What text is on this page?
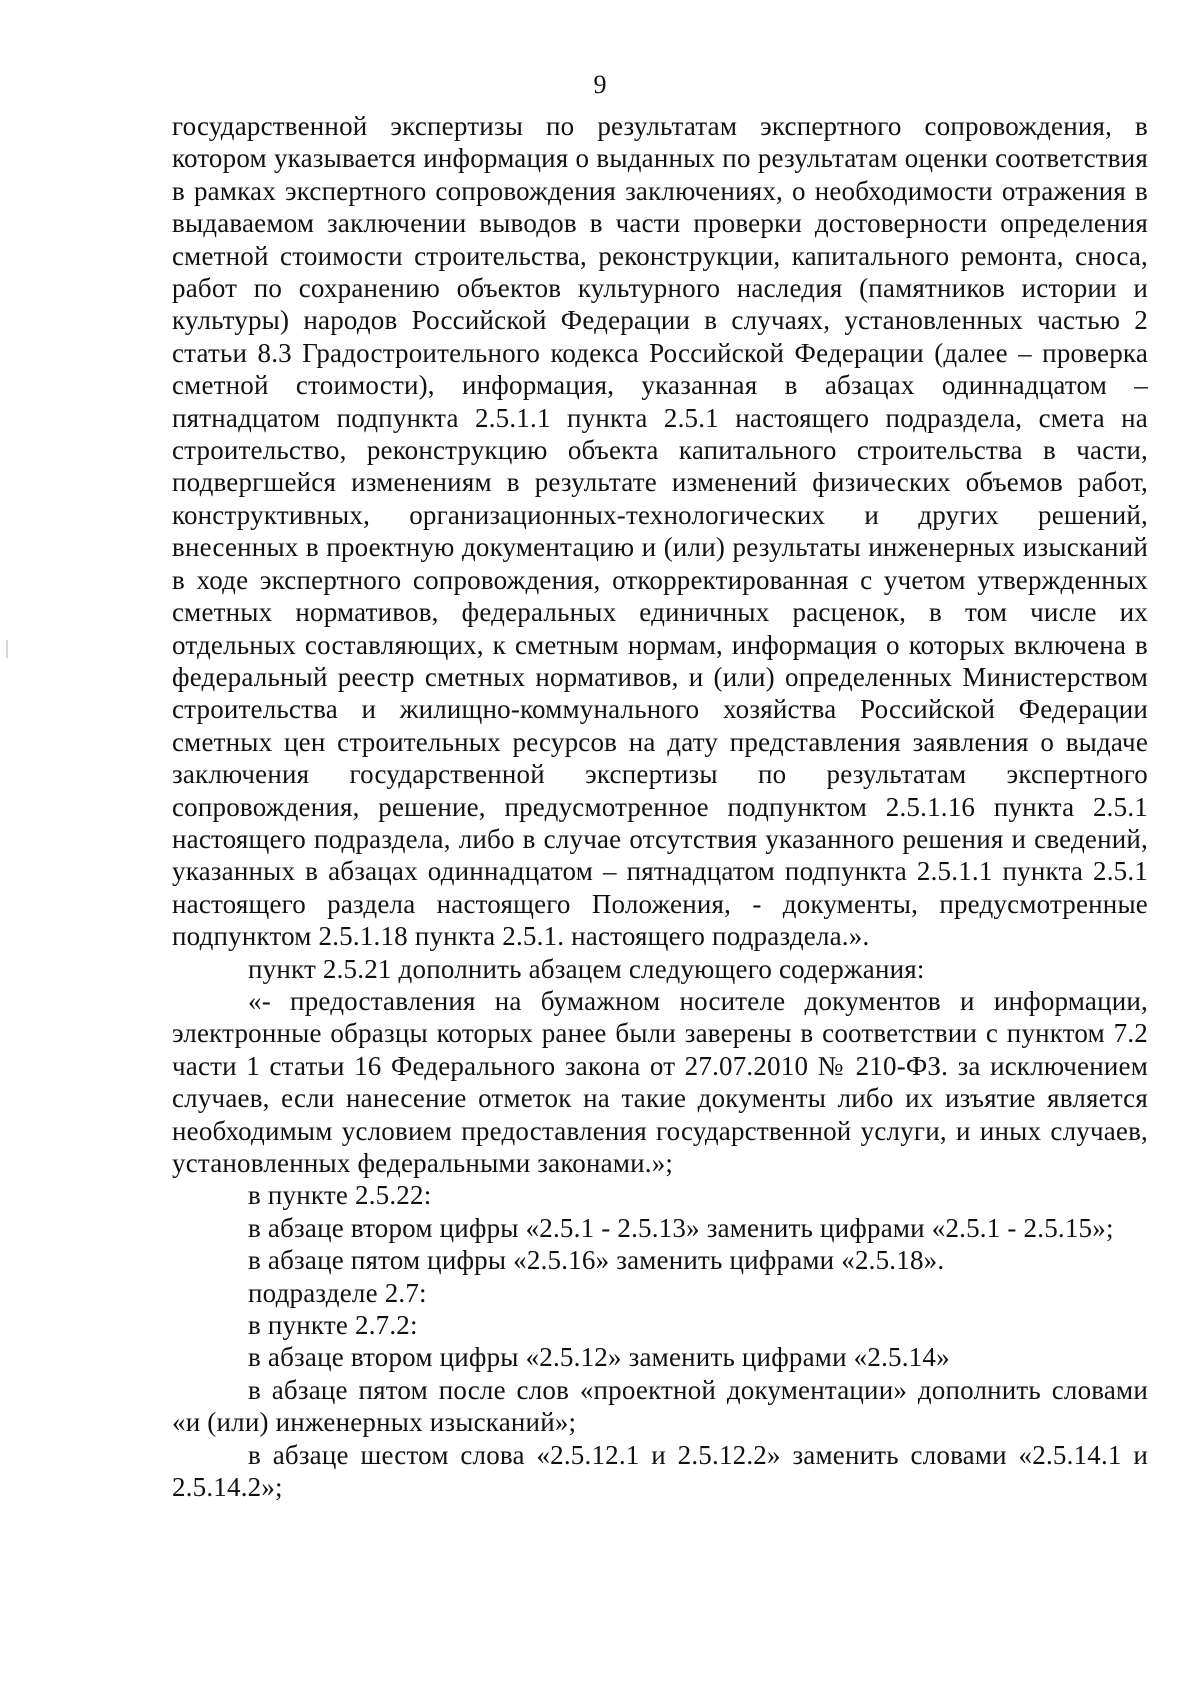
9

государственной экспертизы по результатам экспертного сопровождения, в котором указывается информация о выданных по результатам оценки соответствия в рамках экспертного сопровождения заключениях, о необходимости отражения в выдаваемом заключении выводов в части проверки достоверности определения сметной стоимости строительства, реконструкции, капитального ремонта, сноса, работ по сохранению объектов культурного наследия (памятников истории и культуры) народов Российской Федерации в случаях, установленных частью 2 статьи 8.3 Градостроительного кодекса Российской Федерации (далее – проверка сметной стоимости), информация, указанная в абзацах одиннадцатом – пятнадцатом подпункта 2.5.1.1 пункта 2.5.1 настоящего подраздела, смета на строительство, реконструкцию объекта капитального строительства в части, подвергшейся изменениям в результате изменений физических объемов работ, конструктивных, организационных-технологических и других решений, внесенных в проектную документацию и (или) результаты инженерных изысканий в ходе экспертного сопровождения, откорректированная с учетом утвержденных сметных нормативов, федеральных единичных расценок, в том числе их отдельных составляющих, к сметным нормам, информация о которых включена в федеральный реестр сметных нормативов, и (или) определенных Министерством строительства и жилищно-коммунального хозяйства Российской Федерации сметных цен строительных ресурсов на дату представления заявления о выдаче заключения государственной экспертизы по результатам экспертного сопровождения, решение, предусмотренное подпунктом 2.5.1.16 пункта 2.5.1 настоящего подраздела, либо в случае отсутствия указанного решения и сведений, указанных в абзацах одиннадцатом – пятнадцатом подпункта 2.5.1.1 пункта 2.5.1 настоящего раздела настоящего Положения, - документы, предусмотренные подпунктом 2.5.1.18 пункта 2.5.1. настоящего подраздела.».

пункт 2.5.21 дополнить абзацем следующего содержания:

«- предоставления на бумажном носителе документов и информации, электронные образцы которых ранее были заверены в соответствии с пунктом 7.2 части 1 статьи 16 Федерального закона от 27.07.2010 № 210-ФЗ. за исключением случаев, если нанесение отметок на такие документы либо их изъятие является необходимым условием предоставления государственной услуги, и иных случаев, установленных федеральными законами.»;

в пункте 2.5.22:

в абзаце втором цифры «2.5.1 - 2.5.13» заменить цифрами «2.5.1 - 2.5.15»;

в абзаце пятом цифры «2.5.16» заменить цифрами «2.5.18».

подразделе 2.7:

в пункте 2.7.2:

в абзаце втором цифры «2.5.12» заменить цифрами «2.5.14»

в абзаце пятом после слов «проектной документации» дополнить словами «и (или) инженерных изысканий»;

в абзаце шестом слова «2.5.12.1 и 2.5.12.2» заменить словами «2.5.14.1 и 2.5.14.2»;
